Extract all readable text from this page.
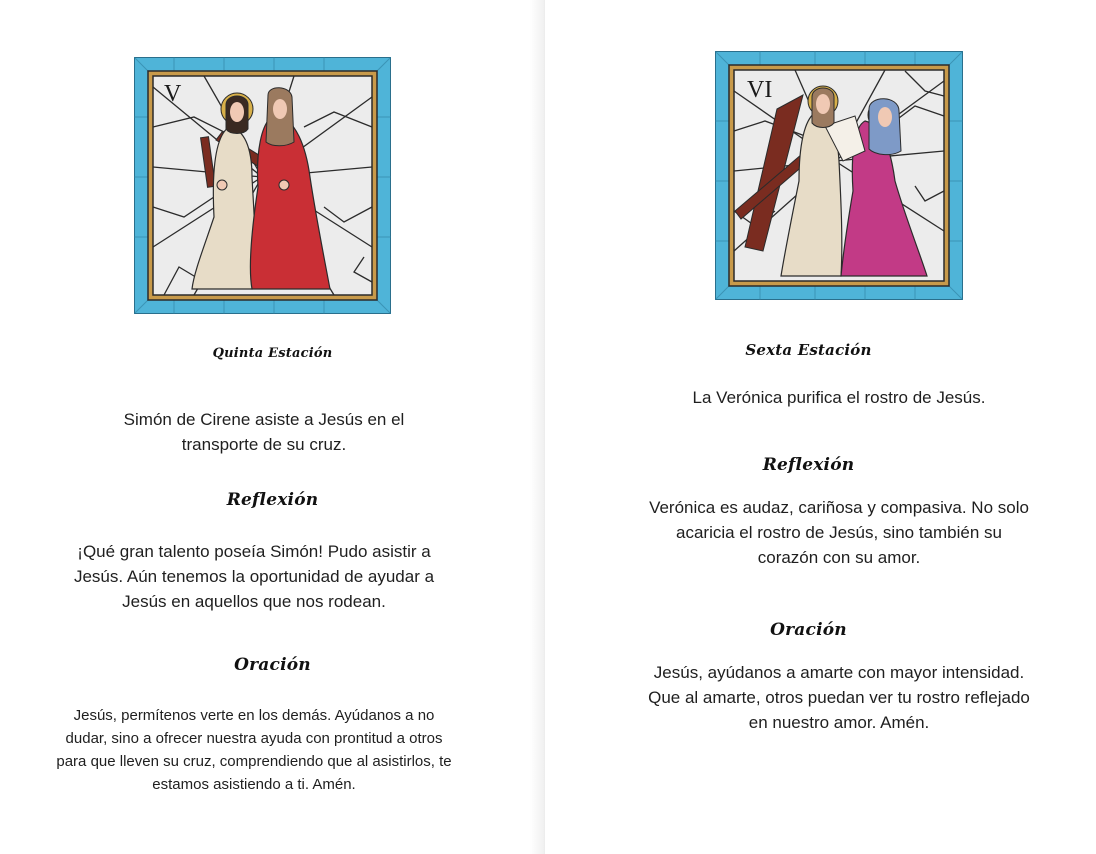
V
Quinta Estación
Simón de Cirene asiste a Jesús en el transporte de su cruz.
Reflexión
¡Qué gran talento poseía Simón! Pudo asistir a Jesús. Aún tenemos la oportunidad de ayudar a Jesús en aquellos que nos rodean.
Oración
Jesús, permítenos verte en los demás. Ayúdanos a no dudar, sino a ofrecer nuestra ayuda con prontitud a otros para que lleven su cruz, comprendiendo que al asistirlos, te estamos asistiendo a ti. Amén.
VI
Sexta Estación
La Verónica purifica el rostro de Jesús.
Reflexión
Verónica es audaz, cariñosa y compasiva. No solo acaricia el rostro de Jesús, sino también su corazón con su amor.
Oración
Jesús, ayúdanos a amarte con mayor intensidad. Que al amarte, otros puedan ver tu rostro reflejado en nuestro amor. Amén.
